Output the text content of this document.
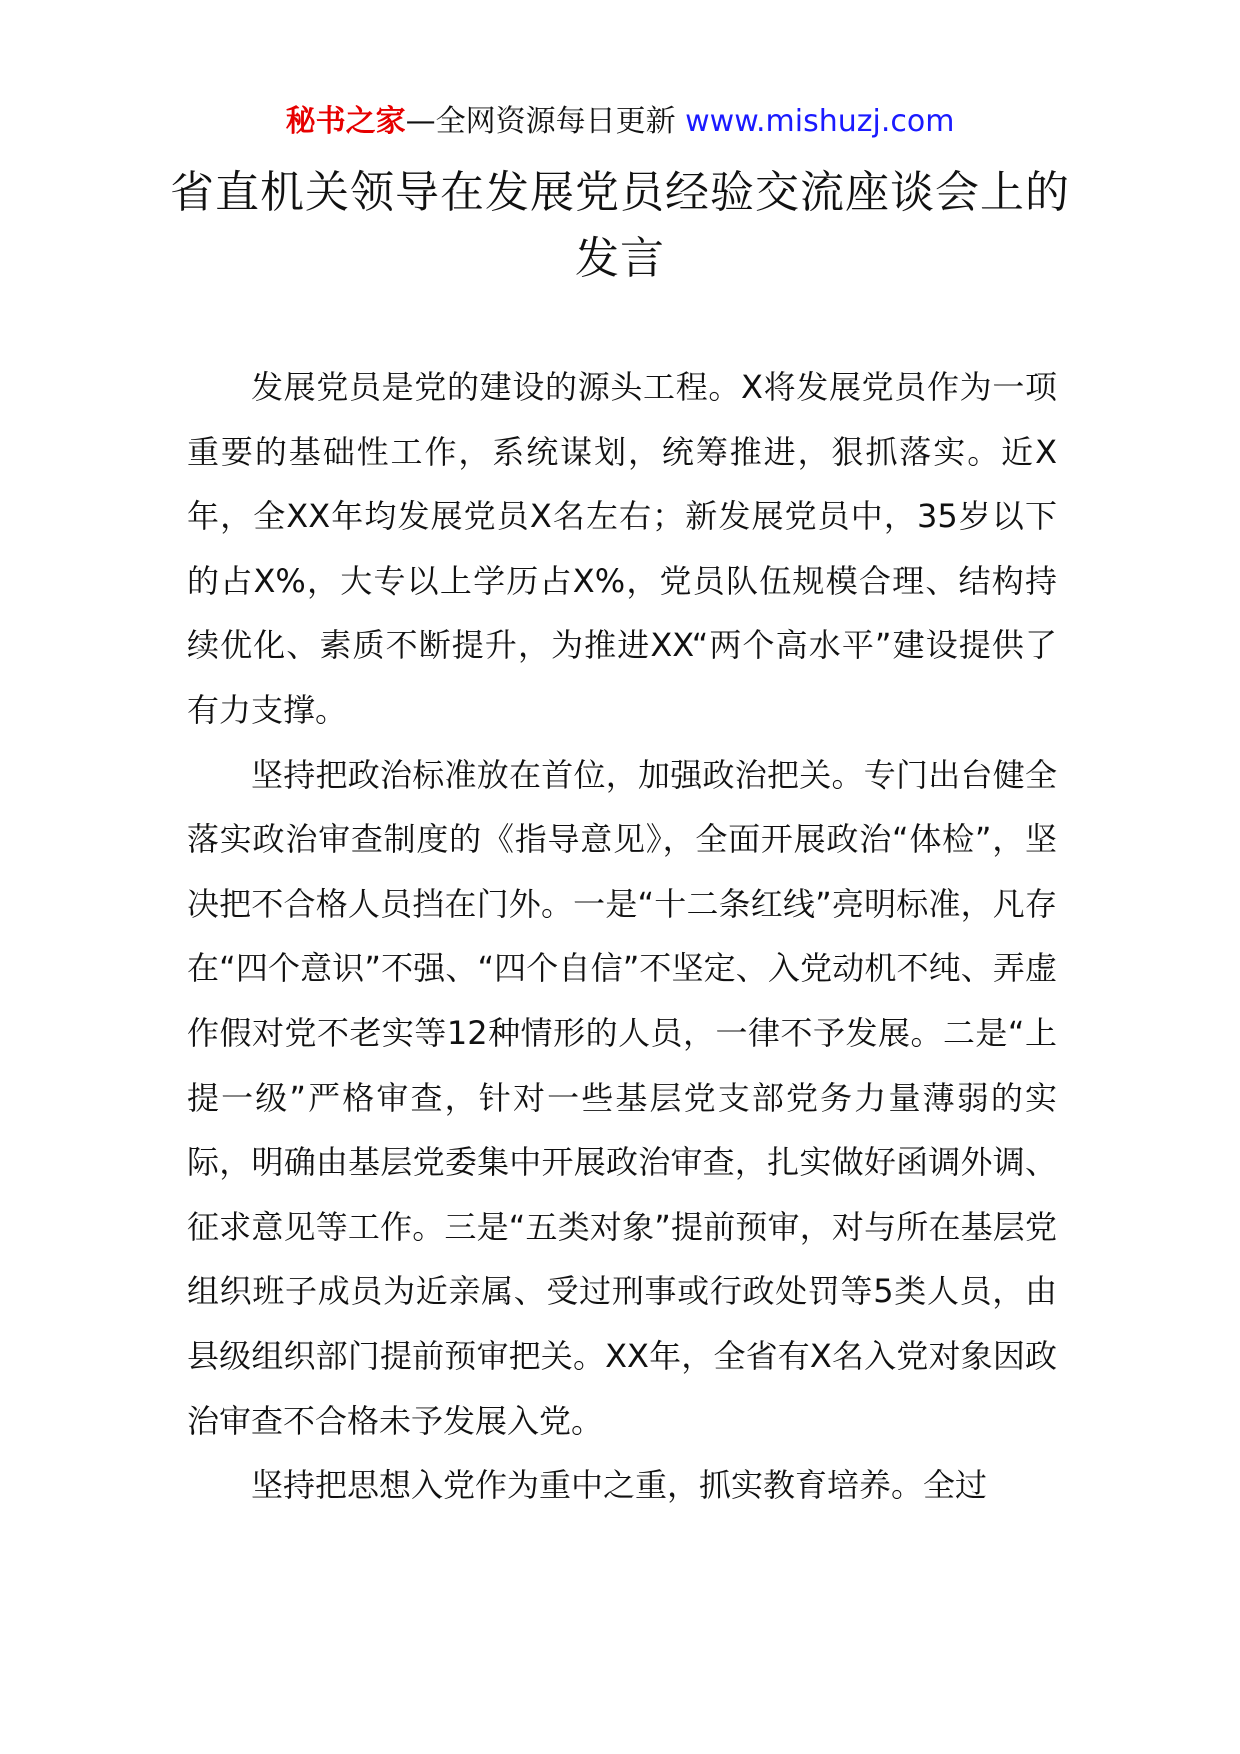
秘书之家—全网资源每日更新 www.mishuzj.com
省直机关领导在发展党员经验交流座谈会上的发言

发展党员是党的建设的源头工程。X将发展党员作为一项重要的基础性工作，系统谋划，统筹推进，狠抓落实。近X年，全XX年均发展党员X名左右；新发展党员中，35岁以下的占X%，大专以上学历占X%，党员队伍规模合理、结构持续优化、素质不断提升，为推进XX“两个高水平”建设提供了有力支撑。

坚持把政治标准放在首位，加强政治把关。专门出台健全落实政治审查制度的《指导意见》，全面开展政治“体检”，坚决把不合格人员挡在门外。一是“十二条红线”亮明标准，凡存在“四个意识”不强、“四个自信”不坚定、入党动机不纯、弄虚作假对党不老实等12种情形的人员，一律不予发展。二是“上提一级”严格审查，针对一些基层党支部党务力量薄弱的实际，明确由基层党委集中开展政治审查，扎实做好函调外调、征求意见等工作。三是“五类对象”提前预审，对与所在基层党组织班子成员为近亲属、受过刑事或行政处罚等5类人员，由县级组织部门提前预审把关。XX年，全省有X名入党对象因政治审查不合格未予发展入党。

坚持把思想入党作为重中之重，抓实教育培养。全过
